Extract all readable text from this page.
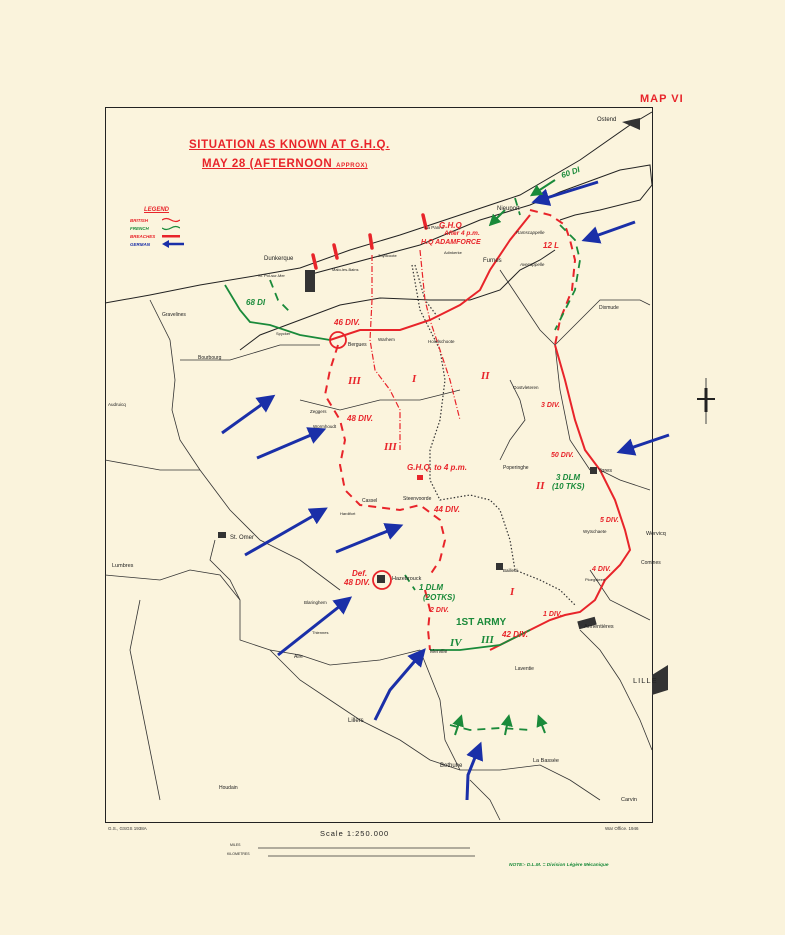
MAP VI
SITUATION AS KNOWN AT G.H.Q.
MAY 28 (AFTERNOON APPROX)
LEGEND
BRITISH
FRENCH
BREACHES
GERMAN
Ostend
Nieuport
La Panne
Ramscappelle
Furnes
Avecappelle
Adinkerke
Zuydcoote
Dunkerque
Malo-les-Bains
St. Pol-sur-Mer
Gravelines
Bourbourg
Spycker
Bergues
Warhem	Hondschoote
Dixmude
Oostvleteren
Poperinghe	Ypres
Wytschaete	Wervicq
Comines
Ploegsteert
Armentières
Bailleul
LILLE
Audruicq
Zeggers
Wormhoudt
Cassel	Steenvoorde
Hardifort
St. Omer
Lumbres
Hazebrouck
Blaringhem
Thiennes
Aire
Merville
Laventie
Lillers
Bethune
La Bassée
Houdain
Carvin
60 DI
12 L
G.H.Q
After 4 p.m.
H.Q ADAMFORCE
68 DI
46 DIV.
48 DIV.
3 DIV.
50 DIV.
3 DLM
(10 TKS)
G.H.Q. to 4 p.m.
44 DIV.
5 DIV.
4 DIV.
Def.
48 DIV.
1 DLM
(2OTKS)
2 DIV.
1ST ARMY
1 DIV.
42 DIV.
III	I	II
III
II
I
IV III
G.S., GSGS 1938A	War Office. 1946
Scale 1:250.000
MILES
KILOMETRES
NOTE:- D.L.M. = Division Légère Mécanique
